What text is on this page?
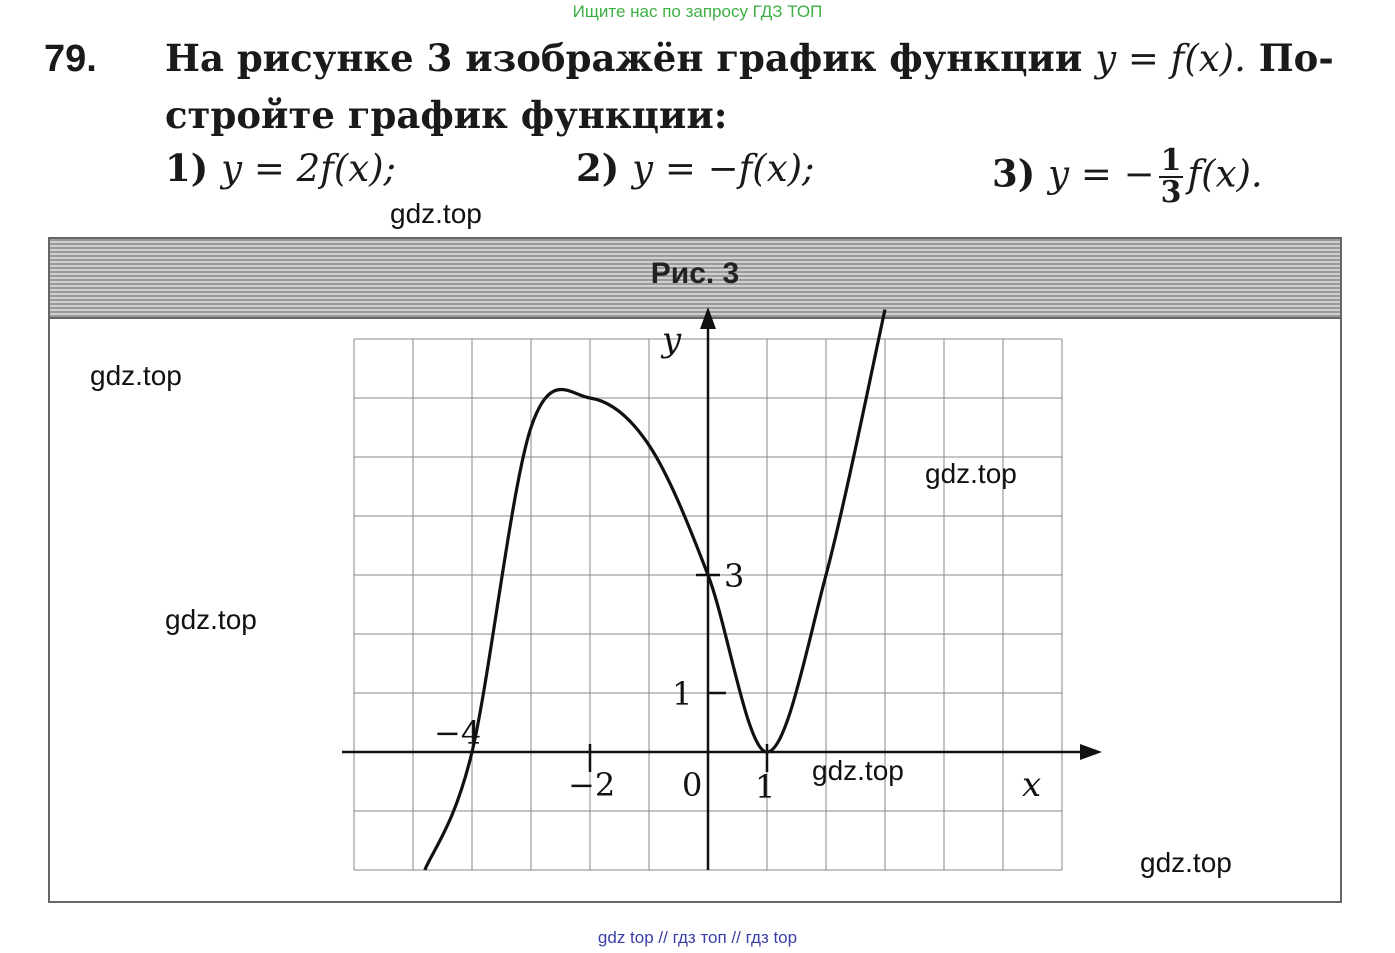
Ищите нас по запросу ГДЗ ТОП
79. На рисунке 3 изображён график функции y = f(x). По-
стройте график функции:
1) y = 2f(x);	2) y = −f(x);	3) y = − $\frac{1}{3} f(x)$.
Рис. 3
x
y
−4
−2 0 1
3
1
gdz.top
gdz.top
gdz.top
gdz.top
gdz.top
gdz.top
gdz top // гдз топ // гдз top
